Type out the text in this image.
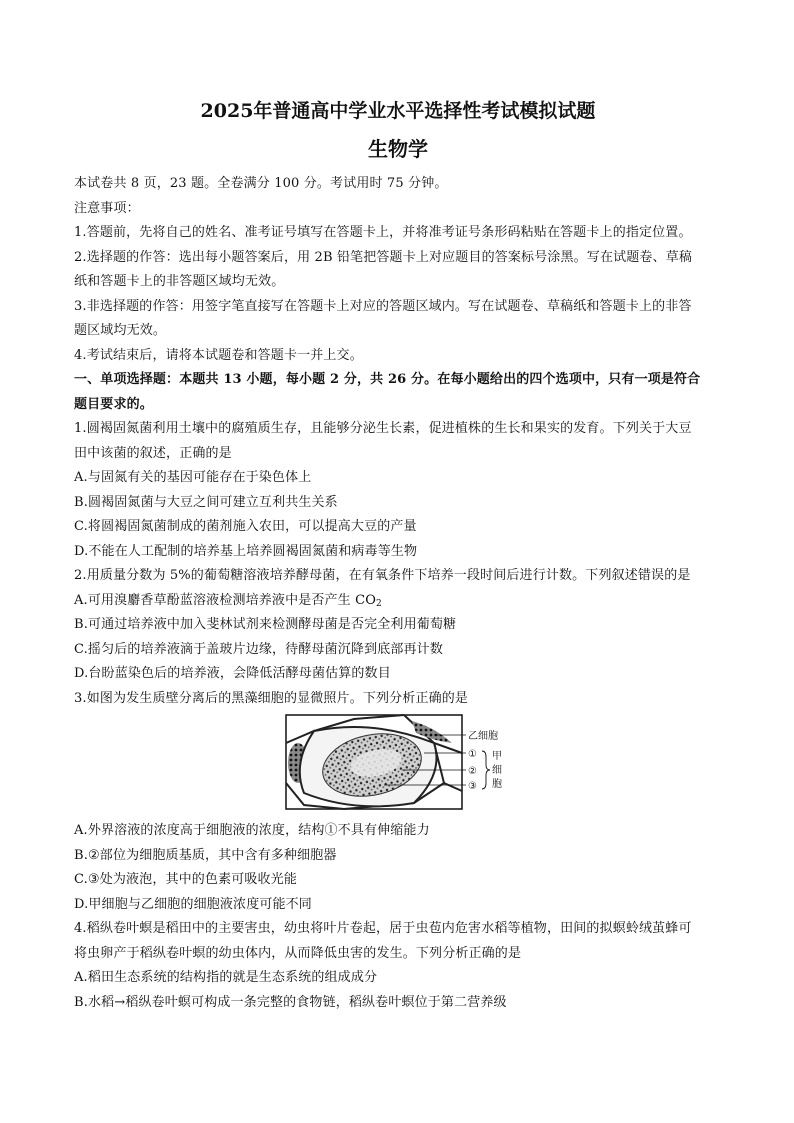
2025年普通高中学业水平选择性考试模拟试题
生物学
本试卷共 8 页，23 题。全卷满分 100 分。考试用时 75 分钟。
注意事项：
1.答题前，先将自己的姓名、准考证号填写在答题卡上，并将准考证号条形码粘贴在答题卡上的指定位置。
2.选择题的作答：选出每小题答案后，用 2B 铅笔把答题卡上对应题目的答案标号涂黑。写在试题卷、草稿
纸和答题卡上的非答题区域均无效。
3.非选择题的作答：用签字笔直接写在答题卡上对应的答题区域内。写在试题卷、草稿纸和答题卡上的非答
题区域均无效。
4.考试结束后，请将本试题卷和答题卡一并上交。
一、单项选择题：本题共 13 小题，每小题 2 分，共 26 分。在每小题给出的四个选项中，只有一项是符合
题目要求的。
1.圆褐固氮菌利用土壤中的腐殖质生存，且能够分泌生长素，促进植株的生长和果实的发育。下列关于大豆
田中该菌的叙述，正确的是
A.与固氮有关的基因可能存在于染色体上
B.圆褐固氮菌与大豆之间可建立互利共生关系
C.将圆褐固氮菌制成的菌剂施入农田，可以提高大豆的产量
D.不能在人工配制的培养基上培养圆褐固氮菌和病毒等生物
2.用质量分数为 5%的葡萄糖溶液培养酵母菌，在有氧条件下培养一段时间后进行计数。下列叙述错误的是
A.可用溴麝香草酚蓝溶液检测培养液中是否产生 $CO_2$
B.可通过培养液中加入斐林试剂来检测酵母菌是否完全利用葡萄糖
C.摇匀后的培养液滴于盖玻片边缘，待酵母菌沉降到底部再计数
D.台盼蓝染色后的培养液，会降低活酵母菌估算的数目
3.如图为发生质壁分离后的黑藻细胞的显微照片。下列分析正确的是
乙细胞
①
②
③
甲
细
胞
A.外界溶液的浓度高于细胞液的浓度，结构①不具有伸缩能力
B.②部位为细胞质基质，其中含有多种细胞器
C.③处为液泡，其中的色素可吸收光能
D.甲细胞与乙细胞的细胞液浓度可能不同
4.稻纵卷叶螟是稻田中的主要害虫，幼虫将叶片卷起，居于虫苞内危害水稻等植物，田间的拟螟蛉绒茧蜂可
将虫卵产于稻纵卷叶螟的幼虫体内，从而降低虫害的发生。下列分析正确的是
A.稻田生态系统的结构指的就是生态系统的组成成分
B.水稻→稻纵卷叶螟可构成一条完整的食物链，稻纵卷叶螟位于第二营养级
